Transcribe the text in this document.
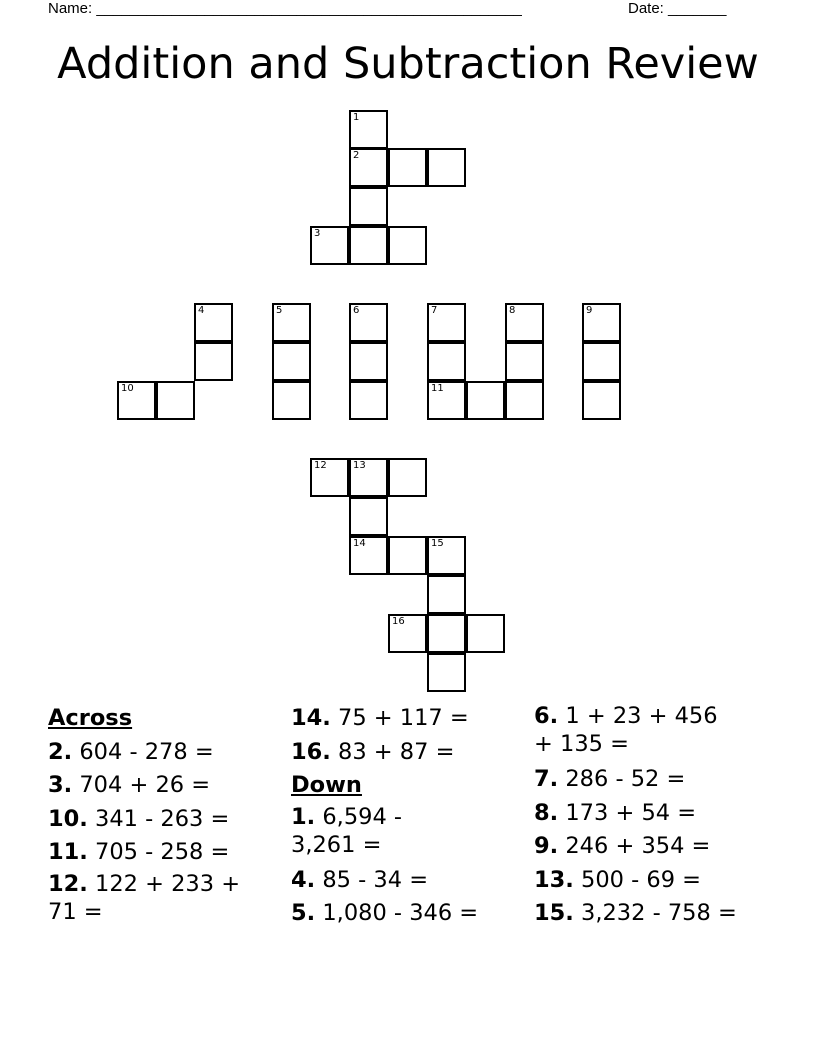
Name: ___________________________________________________	Date: _______
Addition and Subtraction Review
1
2
3
4
10
5	6	7
11
8	9
12	13
14	15
16
Across
2. 604 - 278 =
3. 704 + 26 =
10. 341 - 263 =
11. 705 - 258 =
12. 122 + 233 + 71 =
14. 75 + 117 =
16. 83 + 87 =
Down
1. 6,594 - 3,261 =
4. 85 - 34 =
5. 1,080 - 346 =
6. 1 + 23 + 456 + 135 =
7. 286 - 52 =
8. 173 + 54 =
9. 246 + 354 =
13. 500 - 69 =
15. 3,232 - 758 =
